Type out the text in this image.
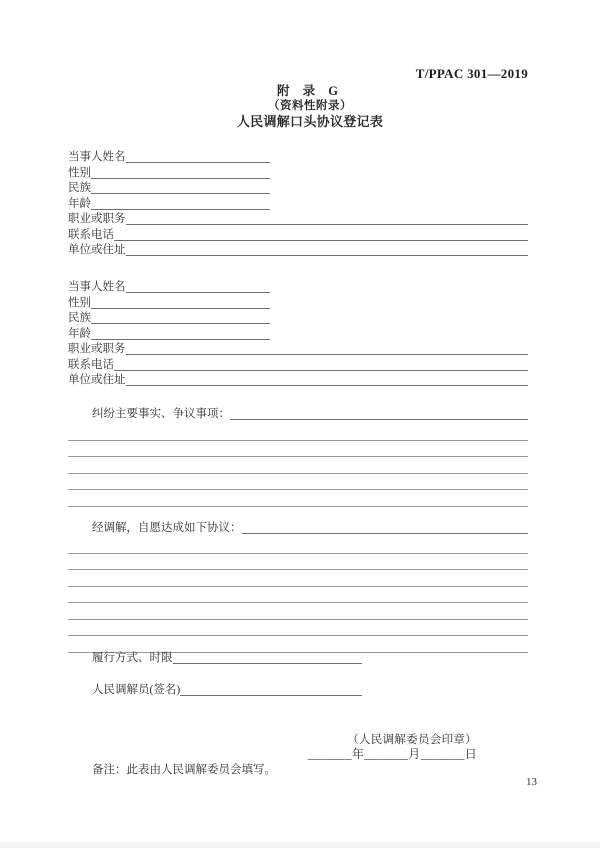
T/PPAC 301—2019
附 录 G
（资料性附录）
人民调解口头协议登记表
当事人姓名
性别
民族
年龄
职业或职务
联系电话
单位或住址
当事人姓名
性别
民族
年龄
职业或职务
联系电话
单位或住址
纠纷主要事实、争议事项：
经调解，自愿达成如下协议：
履行方式、时限
人民调解员(签名)
（人民调解委员会印章）
_______年_______月_______日
备注：此表由人民调解委员会填写。
13
